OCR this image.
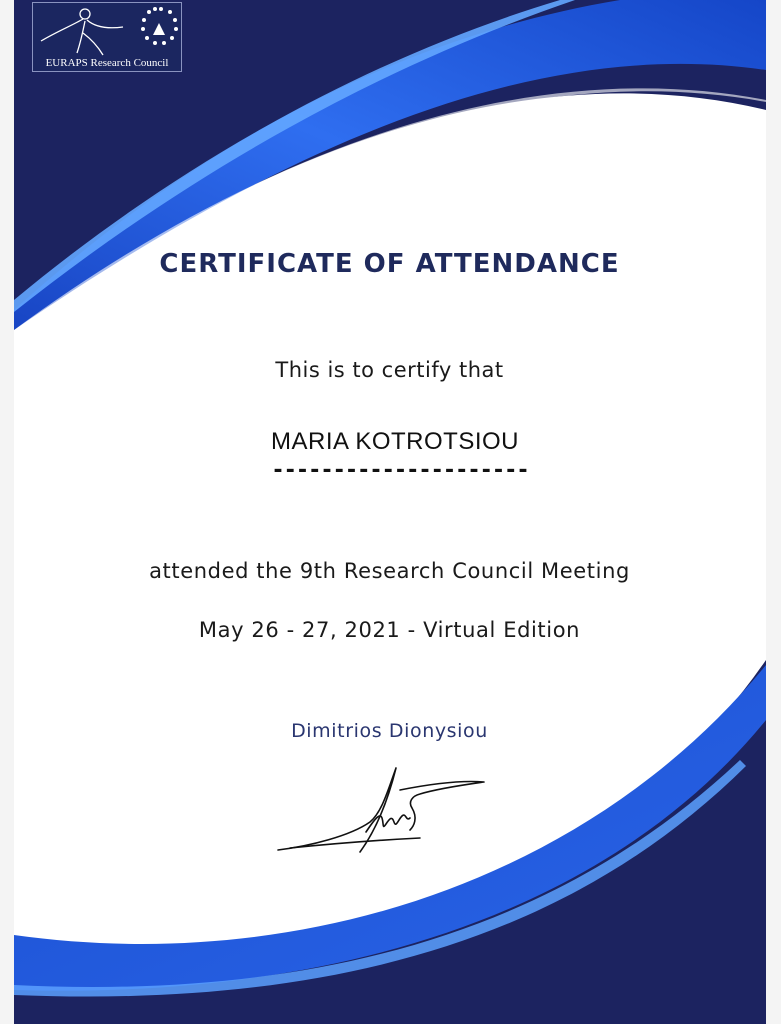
EURAPS Research Council
CERTIFICATE OF ATTENDANCE
This is to certify that
MARIA KOTROTSIOU
---------------------
attended the 9th Research Council Meeting
May 26 - 27, 2021 - Virtual Edition
Dimitrios Dionysiou
